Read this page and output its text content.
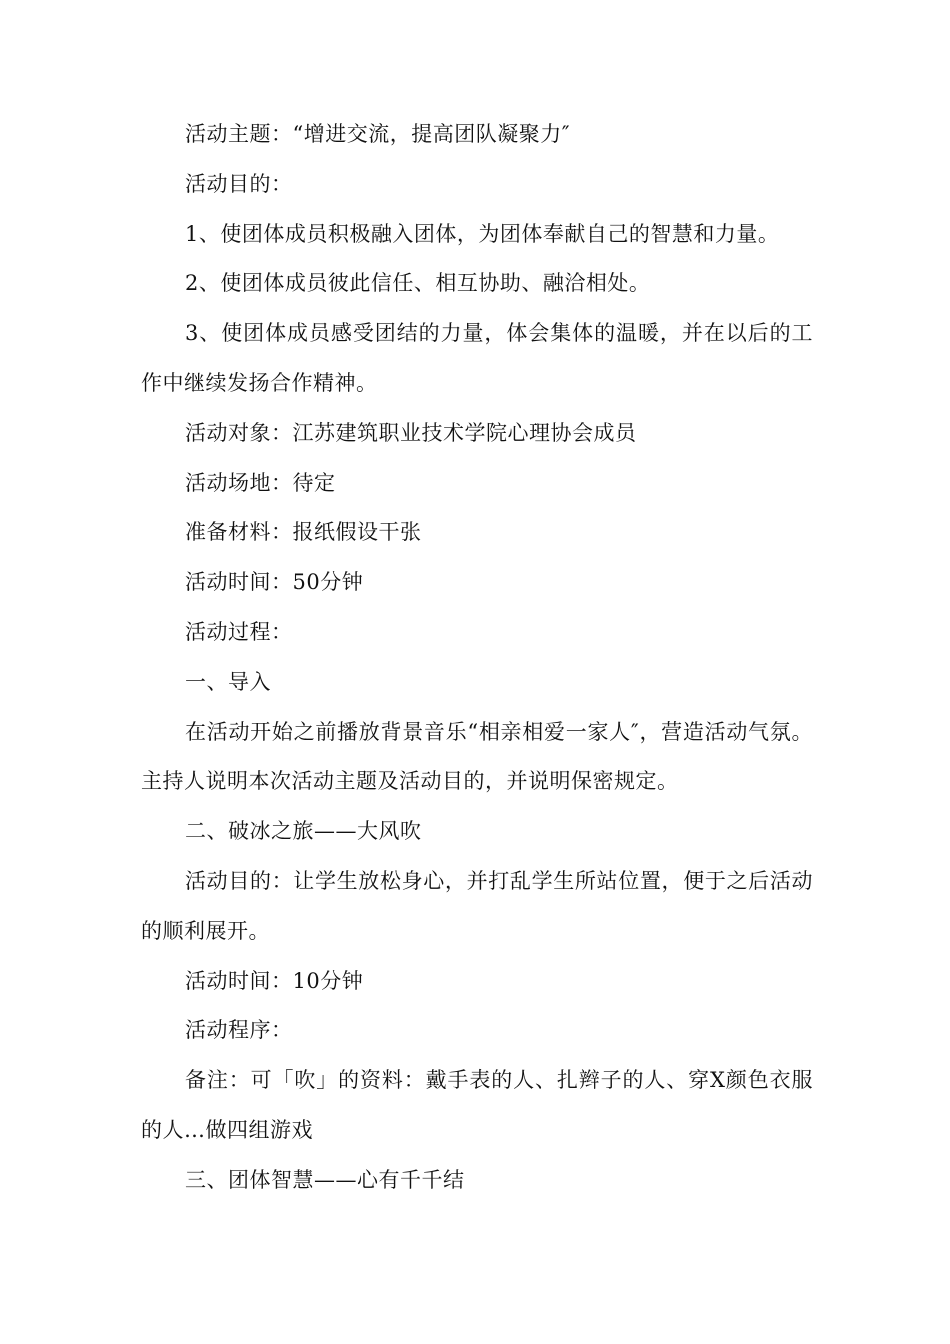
活动主题：“增进交流，提高团队凝聚力″

活动目的：

1、使团体成员积极融入团体，为团体奉献自己的智慧和力量。

2、使团体成员彼此信任、相互协助、融洽相处。

3、使团体成员感受团结的力量，体会集体的温暖，并在以后的工作中继续发扬合作精神。

活动对象：江苏建筑职业技术学院心理协会成员

活动场地：待定

准备材料：报纸假设干张

活动时间：50分钟

活动过程：

一、导入

在活动开始之前播放背景音乐“相亲相爱一家人″，营造活动气氛。主持人说明本次活动主题及活动目的，并说明保密规定。

二、破冰之旅——大风吹

活动目的：让学生放松身心，并打乱学生所站位置，便于之后活动的顺利展开。

活动时间：10分钟

活动程序：

备注：可「吹」的资料：戴手表的人、扎辫子的人、穿X颜色衣服的人…做四组游戏

三、团体智慧——心有千千结
